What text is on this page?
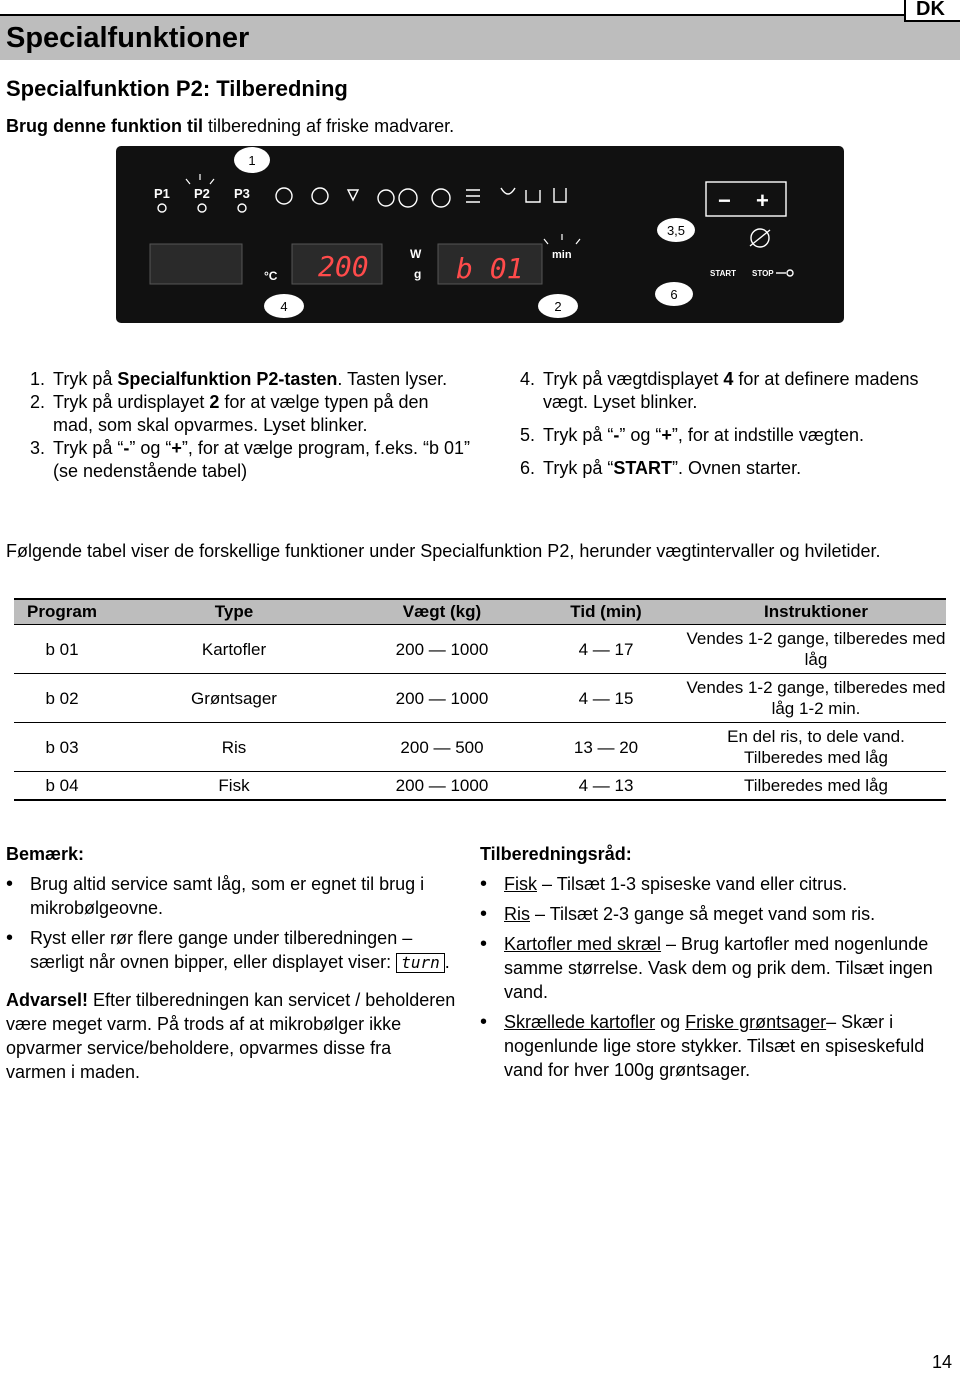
Specialfunktioner
DK
Specialfunktion P2: Tilberedning
Brug denne funktion til tilberedning af friske madvarer.
P1 P2 P3
°C 200	W
g b 01	min
− +
START STOP
1
3,5
4	2
6
1. Tryk på Specialfunktion P2-tasten. Tasten lyser.
2. Tryk på urdisplayet 2 for at vælge typen på den mad, som skal opvarmes. Lyset blinker.
3. Tryk på “-” og “+”, for at vælge program, f.eks. “b 01” (se nedenstående tabel)
4. Tryk på vægtdisplayet 4 for at definere madens vægt. Lyset blinker.
5. Tryk på “-” og “+”, for at indstille vægten.
6. Tryk på “START”. Ovnen starter.
Følgende tabel viser de forskellige funktioner under Specialfunktion P2, herunder vægtintervaller og hviletider.
Program	Type	Vægt (kg)	Tid (min)	Instruktioner
b 01	Kartofler	200 — 1000	4 — 17	Vendes 1-2 gange, tilberedes med låg
b 02	Grøntsager	200 — 1000	4 — 15	Vendes 1-2 gange, tilberedes med låg 1-2 min.
b 03	Ris	200 — 500	13 — 20	En del ris, to dele vand. Tilberedes med låg
b 04	Fisk	200 — 1000	4 — 13	Tilberedes med låg
Bemærk:
• Brug altid service samt låg, som er egnet til brug i mikrobølgeovne.
• Ryst eller rør flere gange under tilberedningen – særligt når ovnen bipper, eller displayet viser: turn .
Advarsel! Efter tilberedningen kan servicet / beholderen være meget varm. På trods af at mikrobølger ikke opvarmer service/beholdere, opvarmes disse fra varmen i maden.
Tilberedningsråd:
• Fisk – Tilsæt 1-3 spiseske vand eller citrus.
• Ris – Tilsæt 2-3 gange så meget vand som ris.
• Kartofler med skræl – Brug kartofler med nogenlunde samme størrelse. Vask dem og prik dem. Tilsæt ingen vand.
• Skrællede kartofler og Friske grøntsager– Skær i nogenlunde lige store stykker. Tilsæt en spiseskefuld vand for hver 100g grøntsager.
14
